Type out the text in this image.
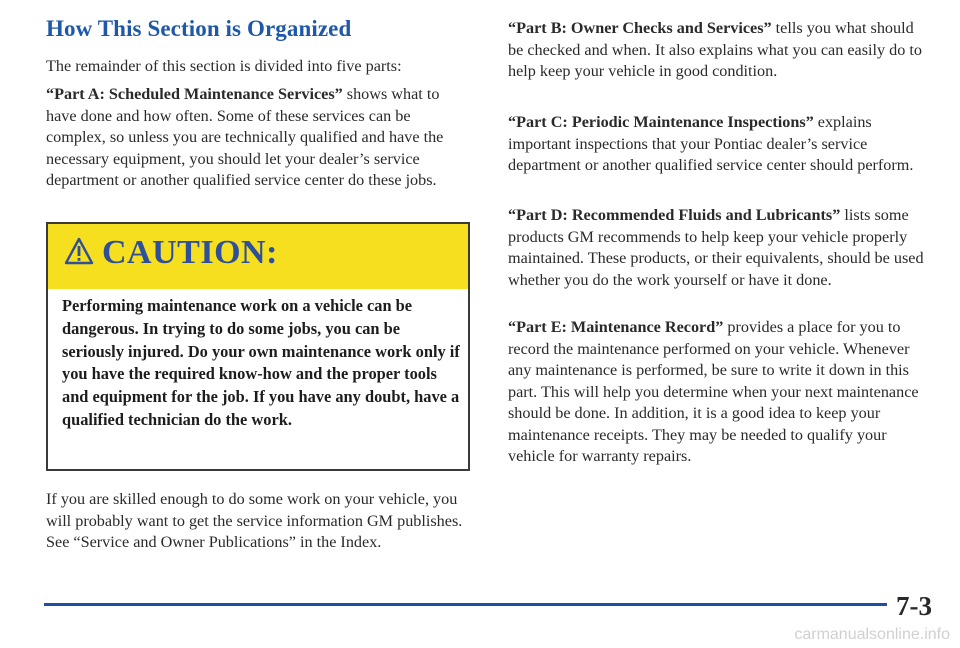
How This Section is Organized

The remainder of this section is divided into five parts:

“Part A: Scheduled Maintenance Services” shows what to have done and how often. Some of these services can be complex, so unless you are technically qualified and have the necessary equipment, you should let your dealer’s service department or another qualified service center do these jobs.

CAUTION:

Performing maintenance work on a vehicle can be dangerous. In trying to do some jobs, you can be seriously injured. Do your own maintenance work only if you have the required know-how and the proper tools and equipment for the job. If you have any doubt, have a qualified technician do the work.

If you are skilled enough to do some work on your vehicle, you will probably want to get the service information GM publishes. See “Service and Owner Publications” in the Index.

“Part B: Owner Checks and Services” tells you what should be checked and when. It also explains what you can easily do to help keep your vehicle in good condition.

“Part C: Periodic Maintenance Inspections” explains important inspections that your Pontiac dealer’s service department or another qualified service center should perform.

“Part D: Recommended Fluids and Lubricants” lists some products GM recommends to help keep your vehicle properly maintained. These products, or their equivalents, should be used whether you do the work yourself or have it done.

“Part E: Maintenance Record” provides a place for you to record the maintenance performed on your vehicle. Whenever any maintenance is performed, be sure to write it down in this part. This will help you determine when your next maintenance should be done. In addition, it is a good idea to keep your maintenance receipts. They may be needed to qualify your vehicle for warranty repairs.

7-3
carmanualsonline.info
